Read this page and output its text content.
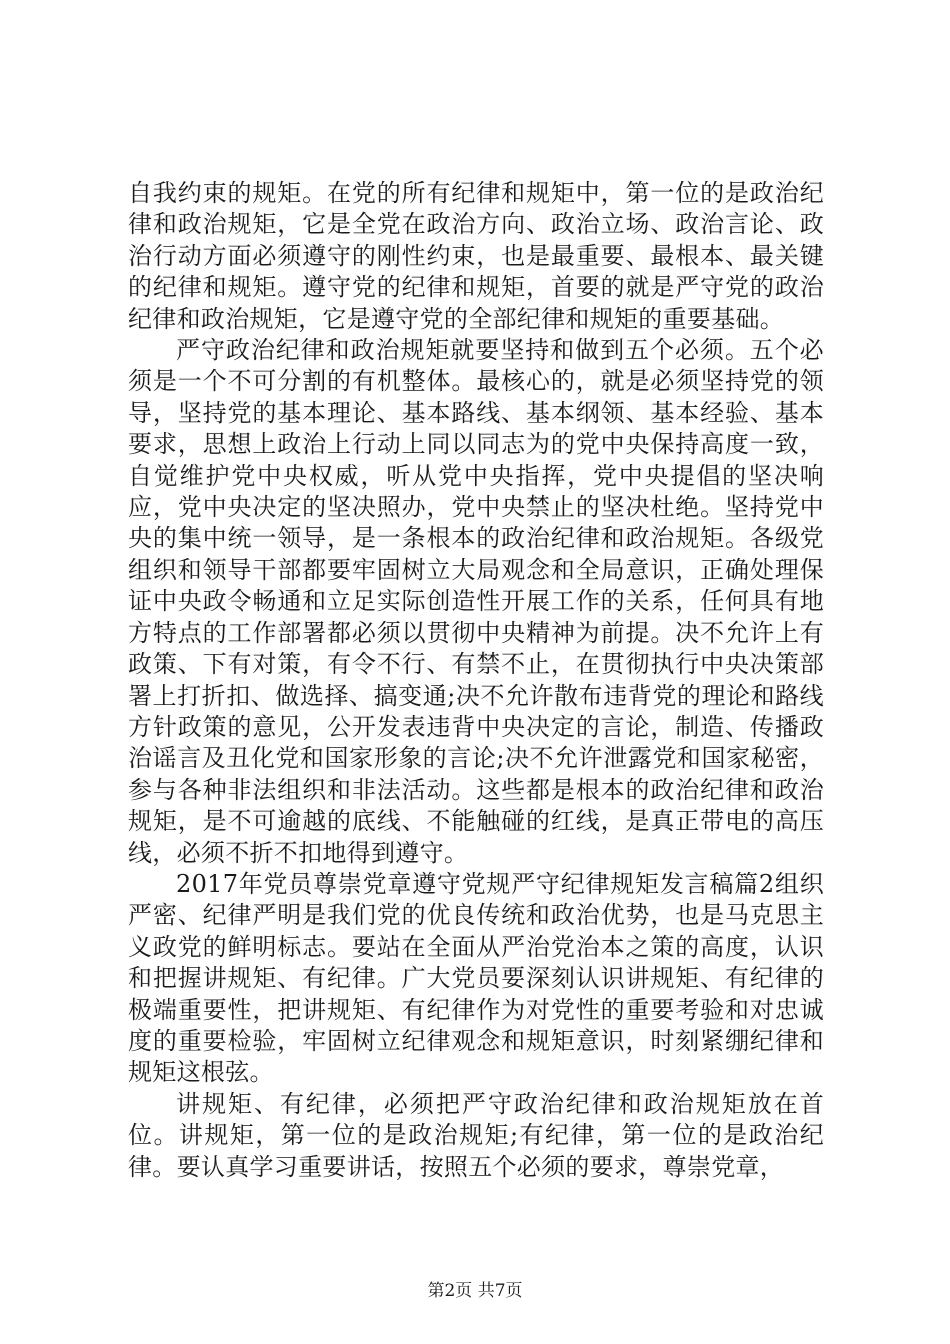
自我约束的规矩。在党的所有纪律和规矩中，第一位的是政治纪律和政治规矩，它是全党在政治方向、政治立场、政治言论、政治行动方面必须遵守的刚性约束，也是最重要、最根本、最关键的纪律和规矩。遵守党的纪律和规矩，首要的就是严守党的政治纪律和政治规矩，它是遵守党的全部纪律和规矩的重要基础。

严守政治纪律和政治规矩就要坚持和做到五个必须。五个必须是一个不可分割的有机整体。最核心的，就是必须坚持党的领导，坚持党的基本理论、基本路线、基本纲领、基本经验、基本要求，思想上政治上行动上同以同志为的党中央保持高度一致，自觉维护党中央权威，听从党中央指挥，党中央提倡的坚决响应，党中央决定的坚决照办，党中央禁止的坚决杜绝。坚持党中央的集中统一领导，是一条根本的政治纪律和政治规矩。各级党组织和领导干部都要牢固树立大局观念和全局意识，正确处理保证中央政令畅通和立足实际创造性开展工作的关系，任何具有地方特点的工作部署都必须以贯彻中央精神为前提。决不允许上有政策、下有对策，有令不行、有禁不止，在贯彻执行中央决策部署上打折扣、做选择、搞变通;决不允许散布违背党的理论和路线方针政策的意见，公开发表违背中央决定的言论，制造、传播政治谣言及丑化党和国家形象的言论;决不允许泄露党和国家秘密，参与各种非法组织和非法活动。这些都是根本的政治纪律和政治规矩，是不可逾越的底线、不能触碰的红线，是真正带电的高压线，必须不折不扣地得到遵守。

2017年党员尊崇党章遵守党规严守纪律规矩发言稿篇2组织严密、纪律严明是我们党的优良传统和政治优势，也是马克思主义政党的鲜明标志。要站在全面从严治党治本之策的高度，认识和把握讲规矩、有纪律。广大党员要深刻认识讲规矩、有纪律的极端重要性，把讲规矩、有纪律作为对党性的重要考验和对忠诚度的重要检验，牢固树立纪律观念和规矩意识，时刻紧绷纪律和规矩这根弦。

讲规矩、有纪律，必须把严守政治纪律和政治规矩放在首位。讲规矩，第一位的是政治规矩;有纪律，第一位的是政治纪律。要认真学习重要讲话，按照五个必须的要求，尊崇党章，

第2页 共7页
